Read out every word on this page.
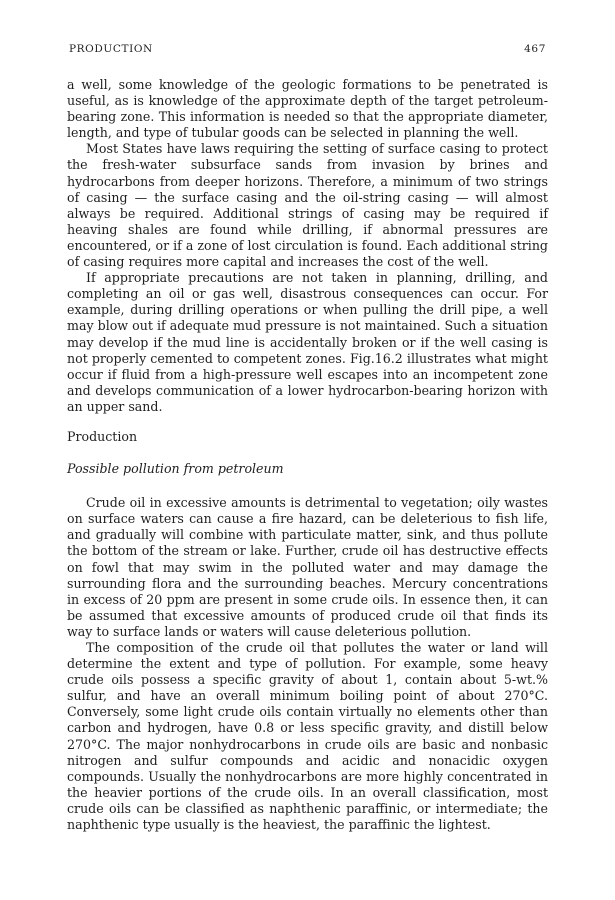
PRODUCTION	467

a well, some knowledge of the geologic formations to be penetrated is useful, as is knowledge of the approximate depth of the target petroleum-bearing zone. This information is needed so that the appropriate diameter, length, and type of tubular goods can be selected in planning the well.

Most States have laws requiring the setting of surface casing to protect the fresh-water subsurface sands from invasion by brines and hydrocarbons from deeper horizons. Therefore, a minimum of two strings of casing — the surface casing and the oil-string casing — will almost always be required. Additional strings of casing may be required if heaving shales are found while drilling, if abnormal pressures are encountered, or if a zone of lost circulation is found. Each additional string of casing requires more capital and increases the cost of the well.

If appropriate precautions are not taken in planning, drilling, and completing an oil or gas well, disastrous consequences can occur. For example, during drilling operations or when pulling the drill pipe, a well may blow out if adequate mud pressure is not maintained. Such a situation may develop if the mud line is accidentally broken or if the well casing is not properly cemented to competent zones. Fig.16.2 illustrates what might occur if fluid from a high-pressure well escapes into an incompetent zone and develops communication of a lower hydrocarbon-bearing horizon with an upper sand.

Production
Possible pollution from petroleum

Crude oil in excessive amounts is detrimental to vegetation; oily wastes on surface waters can cause a fire hazard, can be deleterious to fish life, and gradually will combine with particulate matter, sink, and thus pollute the bottom of the stream or lake. Further, crude oil has destructive effects on fowl that may swim in the polluted water and may damage the surrounding flora and the surrounding beaches. Mercury concentrations in excess of 20 ppm are present in some crude oils. In essence then, it can be assumed that excessive amounts of produced crude oil that finds its way to surface lands or waters will cause deleterious pollution.

The composition of the crude oil that pollutes the water or land will determine the extent and type of pollution. For example, some heavy crude oils possess a specific gravity of about 1, contain about 5-wt.% sulfur, and have an overall minimum boiling point of about 270°C. Conversely, some light crude oils contain virtually no elements other than carbon and hydrogen, have 0.8 or less specific gravity, and distill below 270°C. The major nonhydrocarbons in crude oils are basic and nonbasic nitrogen and sulfur compounds and acidic and nonacidic oxygen compounds. Usually the nonhydrocarbons are more highly concentrated in the heavier portions of the crude oils. In an overall classification, most crude oils can be classified as naphthenic paraffinic, or intermediate; the naphthenic type usually is the heaviest, the paraffinic the lightest.
